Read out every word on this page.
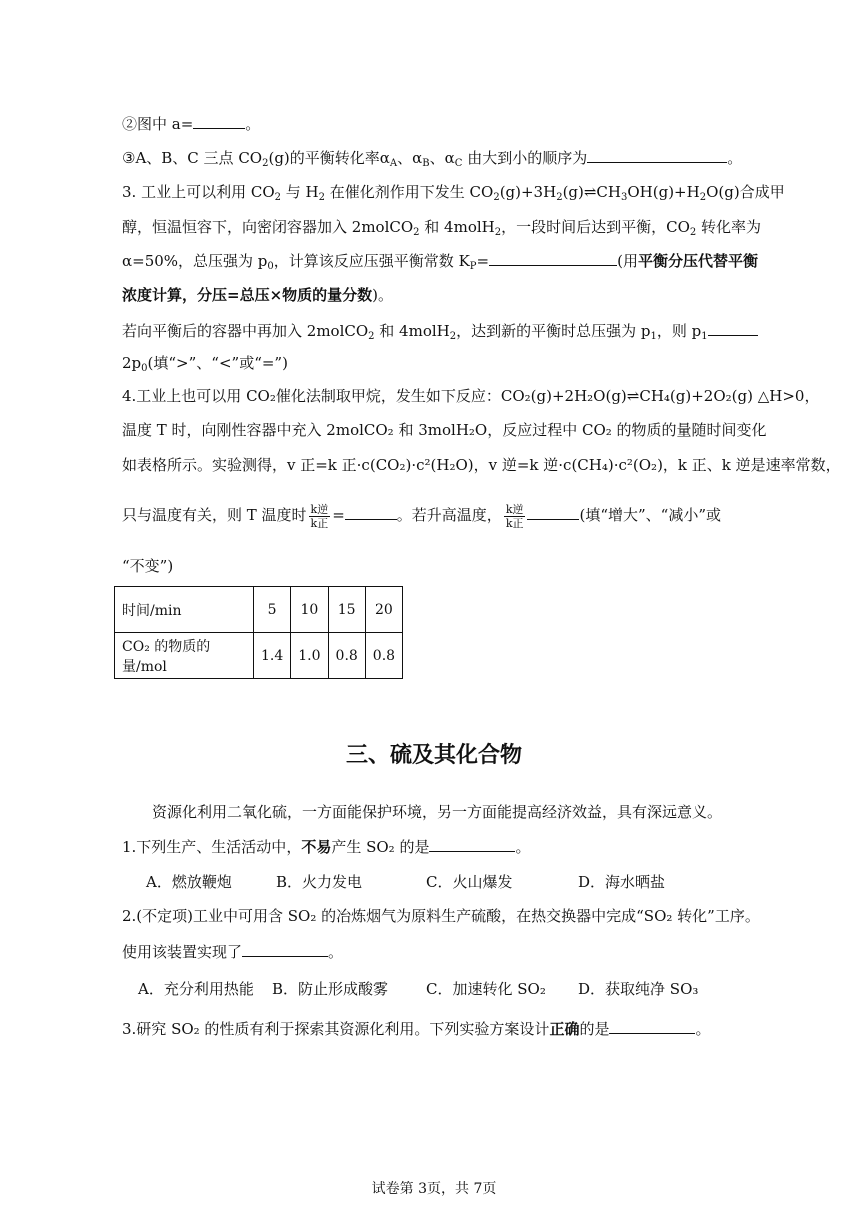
②图中 a=	。
③A、B、C 三点 $CO_2(g)$的平衡转化率$\alpha_A$、$\alpha_B$、$\alpha_C$ 由大到小的顺序为	。
3. 工业上可以利用 $CO_2$ 与 $H_2$ 在催化剂作用下发生 $CO_2(g)+3H_2(g)\rightleftharpoons CH_3OH(g)+H_2O(g)$合成甲
醇，恒温恒容下，向密闭容器加入 2molCO$_2$ 和 4molH$_2$，一段时间后达到平衡，$CO_2$ 转化率为
α=50%，总压强为 $p_0$，计算该反应压强平衡常数 $K_P=$	(用平衡分压代替平衡
浓度计算，分压=总压×物质的量分数)。
若向平衡后的容器中再加入 2molCO$_2$ 和 4molH$_2$，达到新的平衡时总压强为 $p_1$，则 $p_1$
$2p_0$(填“>”、“<”或“=”)
4.工业上也可以用 CO₂催化法制取甲烷，发生如下反应：CO₂(g)+2H₂O(g)⇌CH₄(g)+2O₂(g) △H>0，
温度 T 时，向刚性容器中充入 2molCO₂ 和 3molH₂O，反应过程中 CO₂ 的物质的量随时间变化
如表格所示。实验测得，v 正=k 正·c(CO₂)·c²(H₂O)，v 逆=k 逆·c(CH₄)·c²(O₂)，k 正、k 逆是速率常数，
只与温度有关，则 T 温度时 $\frac{\text{k逆}}{\text{k正}}$ =	。若升高温度， $\frac{\text{k逆}}{\text{k正}}$	(填“增大”、“减小”或
“不变”)
时间/min	5	10	15	20
CO₂ 的物质的量/mol	1.4	1.0	0.8	0.8
三、硫及其化合物
资源化利用二氧化硫，一方面能保护环境，另一方面能提高经济效益，具有深远意义。
1.下列生产、生活活动中，不易产生 SO₂ 的是	。
A．燃放鞭炮	B．火力发电	C．火山爆发	D．海水晒盐
2.(不定项)工业中可用含 SO₂ 的冶炼烟气为原料生产硫酸，在热交换器中完成“SO₂ 转化”工序。
使用该装置实现了	。
A．充分利用热能 B．防止形成酸雾	C．加速转化 SO₂ D．获取纯净 SO₃
3.研究 SO₂ 的性质有利于探索其资源化利用。下列实验方案设计正确的是	。
试卷第 3页，共 7页
